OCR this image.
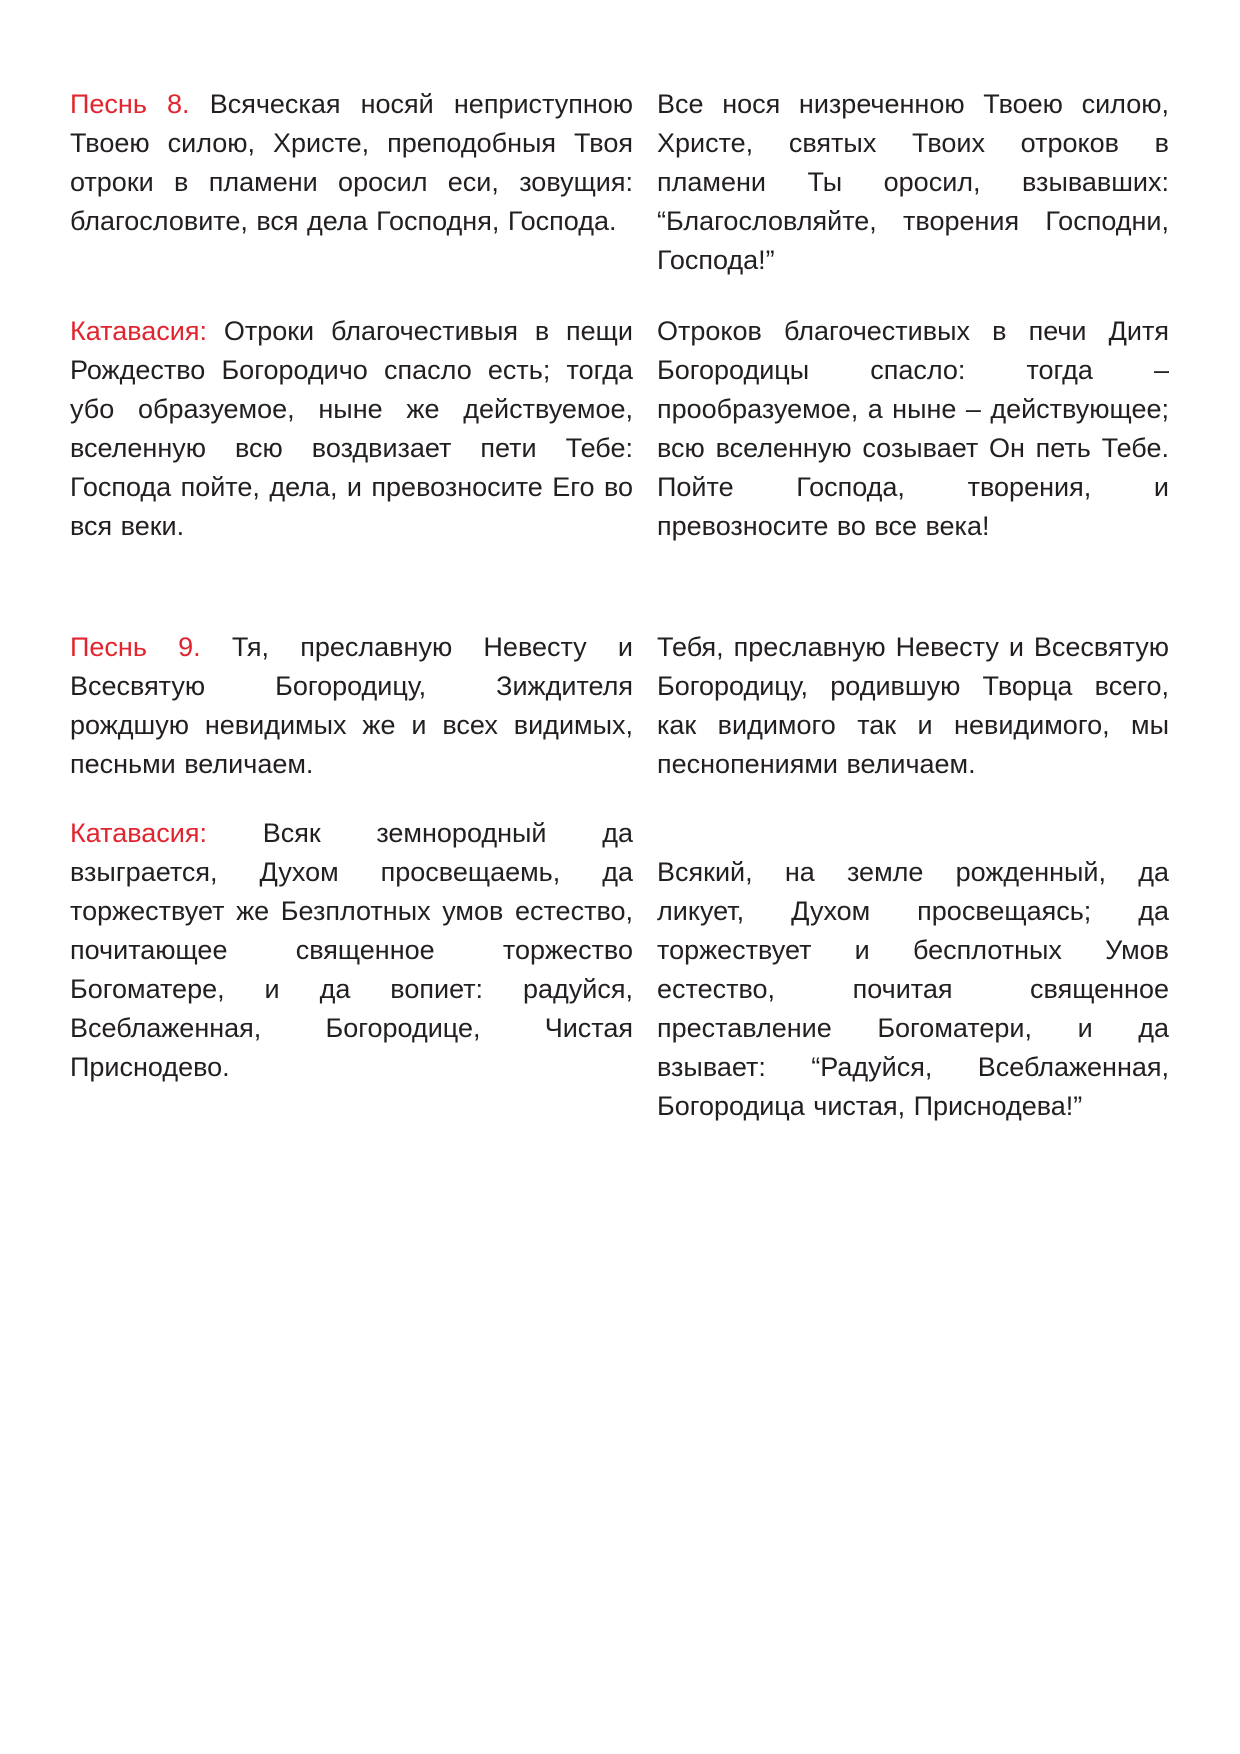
Песнь 8. Всяческая носяй неприступною Твоею силою, Христе, преподобныя Твоя отроки в пламени оросил еси, зовущия: благословите, вся дела Господня, Господа.
Все нося низреченною Твоею силою, Христе, святых Твоих отроков в пламени Ты оросил, взывавших: “Благословляйте, творения Господни, Господа!”
Катавасия: Отроки благочестивыя в пещи Рождество Богородичо спасло есть; тогда убо образуемое, ныне же действуемое, вселенную всю воздвизает пети Тебе: Господа пойте, дела, и превозносите Его во вся веки.
Отроков благочестивых в печи Дитя Богородицы спасло: тогда – прообразуемое, а ныне – действующее; всю вселенную созывает Он петь Тебе. Пойте Господа, творения, и превозносите во все века!
Песнь 9. Тя, преславную Невесту и Всесвятую Богородицу, Зиждителя рождшую невидимых же и всех видимых, песньми величаем.
Тебя, преславную Невесту и Всесвятую Богородицу, родившую Творца всего, как видимого так и невидимого, мы песнопениями величаем.
Катавасия: Всяк земнородный да взыграется, Духом просвещаемь, да торжествует же Безплотных умов естество, почитающее священное торжество Богоматере, и да вопиет: радуйся, Всеблаженная, Богородице, Чистая Приснодево.
Всякий, на земле рожденный, да ликует, Духом просвещаясь; да торжествует и бесплотных Умов естество, почитая священное преставление Богоматери, и да взывает: “Радуйся, Всеблаженная, Богородица чистая, Приснодева!”
